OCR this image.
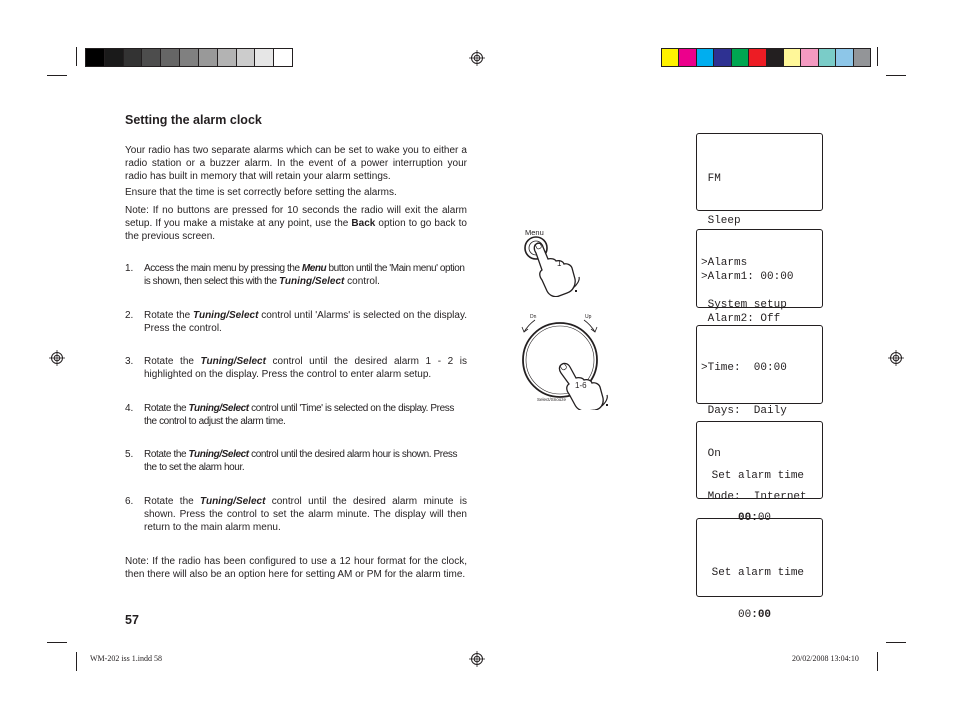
Setting the alarm clock
Your radio has two separate alarms which can be set to wake you to either a radio station or a buzzer alarm. In the event of a power interruption your radio has built in memory that will retain your alarm settings.
Ensure that the time is set correctly before setting the alarms.
Note: If no buttons are pressed for 10 seconds the radio will exit the alarm setup. If you make a mistake at any point, use the Back option to go back to the previous screen.
1. Access the main menu by pressing the Menu button until the 'Main menu' option is shown, then select this with the Tuning/Select control.
2. Rotate the Tuning/Select control until 'Alarms' is selected on the display. Press the control.
3. Rotate the Tuning/Select control until the desired alarm 1 - 2 is highlighted on the display. Press the control to enter alarm setup.
4. Rotate the Tuning/Select control until 'Time' is selected on the display. Press the control to adjust the alarm time.
5. Rotate the Tuning/Select control until the desired alarm hour is shown. Press the to set the alarm hour.
6. Rotate the Tuning/Select control until the desired alarm minute is shown. Press the control to set the alarm minute. The display will then return to the main alarm menu.
Note: If the radio has been configured to use a 12 hour format for the clock, then there will also be an option here for setting AM or PM for the alarm time.
57
WM-202 iss 1.indd 58	20/02/2008 13:04:10
Menu
1
Dn	Up
Select/Snooze
1-6

FM

Sleep

>Alarms

System setup

>Alarm1: 00:00

Alarm2: Off

>Time:  00:00

Days:  Daily

On

Mode:  Internet

Set alarm time

00:00

Set alarm time

00:00
